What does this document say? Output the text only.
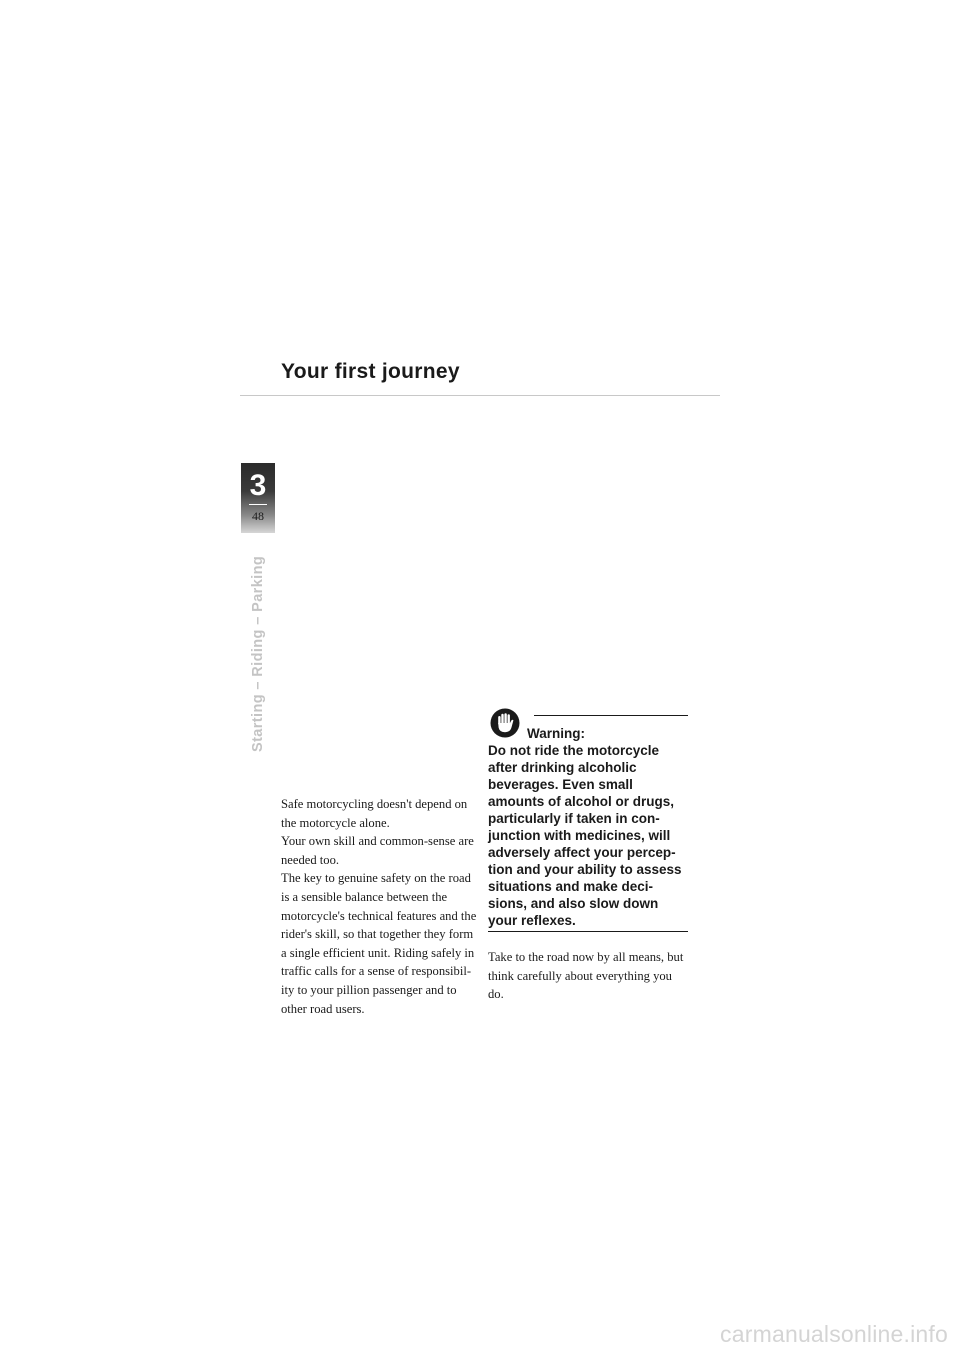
Your first journey
3
48
Starting – Riding – Parking
Safe motorcycling doesn't depend on
the motorcycle alone.
Your own skill and common-sense are
needed too.
The key to genuine safety on the road
is a sensible balance between the
motorcycle's technical features and the
rider's skill, so that together they form
a single efficient unit. Riding safely in
traffic calls for a sense of responsibil-
ity to your pillion passenger and to
other road users.
Warning:
Do not ride the motorcycle
after drinking alcoholic
beverages. Even small
amounts of alcohol or drugs,
particularly if taken in con-
junction with medicines, will
adversely affect your percep-
tion and your ability to assess
situations and make deci-
sions, and also slow down
your reflexes.
Take to the road now by all means, but
think carefully about everything you
do.
carmanualsonline.info
